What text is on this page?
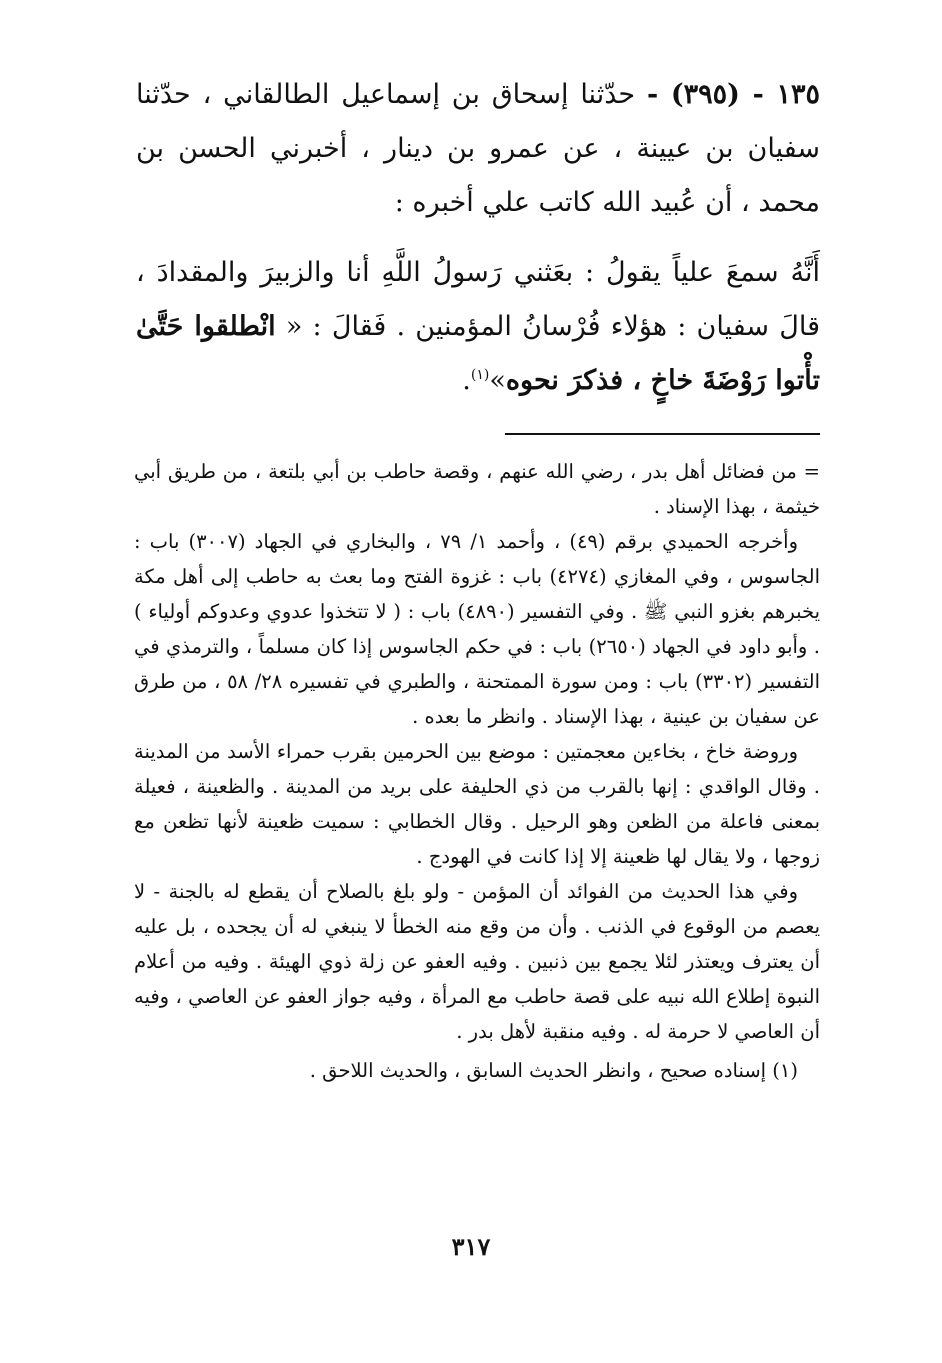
١٣٥ - (٣٩٥) - حدّثنا إسحاق بن إسماعيل الطالقاني ، حدّثنا سفيان بن عيينة ، عن عمرو بن دينار ، أخبرني الحسن بن محمد ، أن عُبيد الله كاتب علي أخبره :

أَنَّهُ سمعَ علياً يقولُ : بعَثني رَسولُ اللَّهِ أنا والزبيرَ والمقدادَ ، قالَ سفيان : هؤلاء فُرْسانُ المؤمنين . فَقالَ : « انْطلقوا حَتَّىٰ تأْتوا رَوْضَةَ خاخٍ ، فذكرَ نحوه»$^{(١)}$.

= من فضائل أهل بدر ، رضي الله عنهم ، وقصة حاطب بن أبي بلتعة ، من طريق أبي خيثمة ، بهذا الإسناد .

وأخرجه الحميدي برقم (٤٩) ، وأحمد ١/ ٧٩ ، والبخاري في الجهاد (٣٠٠٧) باب : الجاسوس ، وفي المغازي (٤٢٧٤) باب : غزوة الفتح وما بعث به حاطب إلى أهل مكة يخبرهم بغزو النبي ﷺ . وفي التفسير (٤٨٩٠) باب : ( لا تتخذوا عدوي وعدوكم أولياء ) . وأبو داود في الجهاد (٢٦٥٠) باب : في حكم الجاسوس إذا كان مسلماً ، والترمذي في التفسير (٣٣٠٢) باب : ومن سورة الممتحنة ، والطبري في تفسيره ٢٨/ ٥٨ ، من طرق عن سفيان بن عينية ، بهذا الإسناد . وانظر ما بعده .

وروضة خاخ ، بخاءين معجمتين : موضع بين الحرمين بقرب حمراء الأسد من المدينة . وقال الواقدي : إنها بالقرب من ذي الحليفة على بريد من المدينة . والظعينة ، فعيلة بمعنى فاعلة من الظعن وهو الرحيل . وقال الخطابي : سميت ظعينة لأنها تظعن مع زوجها ، ولا يقال لها ظعينة إلا إذا كانت في الهودج .

وفي هذا الحديث من الفوائد أن المؤمن - ولو بلغ بالصلاح أن يقطع له بالجنة - لا يعصم من الوقوع في الذنب . وأن من وقع منه الخطأ لا ينبغي له أن يجحده ، بل عليه أن يعترف ويعتذر لئلا يجمع بين ذنبين . وفيه العفو عن زلة ذوي الهيئة . وفيه من أعلام النبوة إطلاع الله نبيه على قصة حاطب مع المرأة ، وفيه جواز العفو عن العاصي ، وفيه أن العاصي لا حرمة له . وفيه منقبة لأهل بدر .

(١) إسناده صحيح ، وانظر الحديث السابق ، والحديث اللاحق .

٣١٧
